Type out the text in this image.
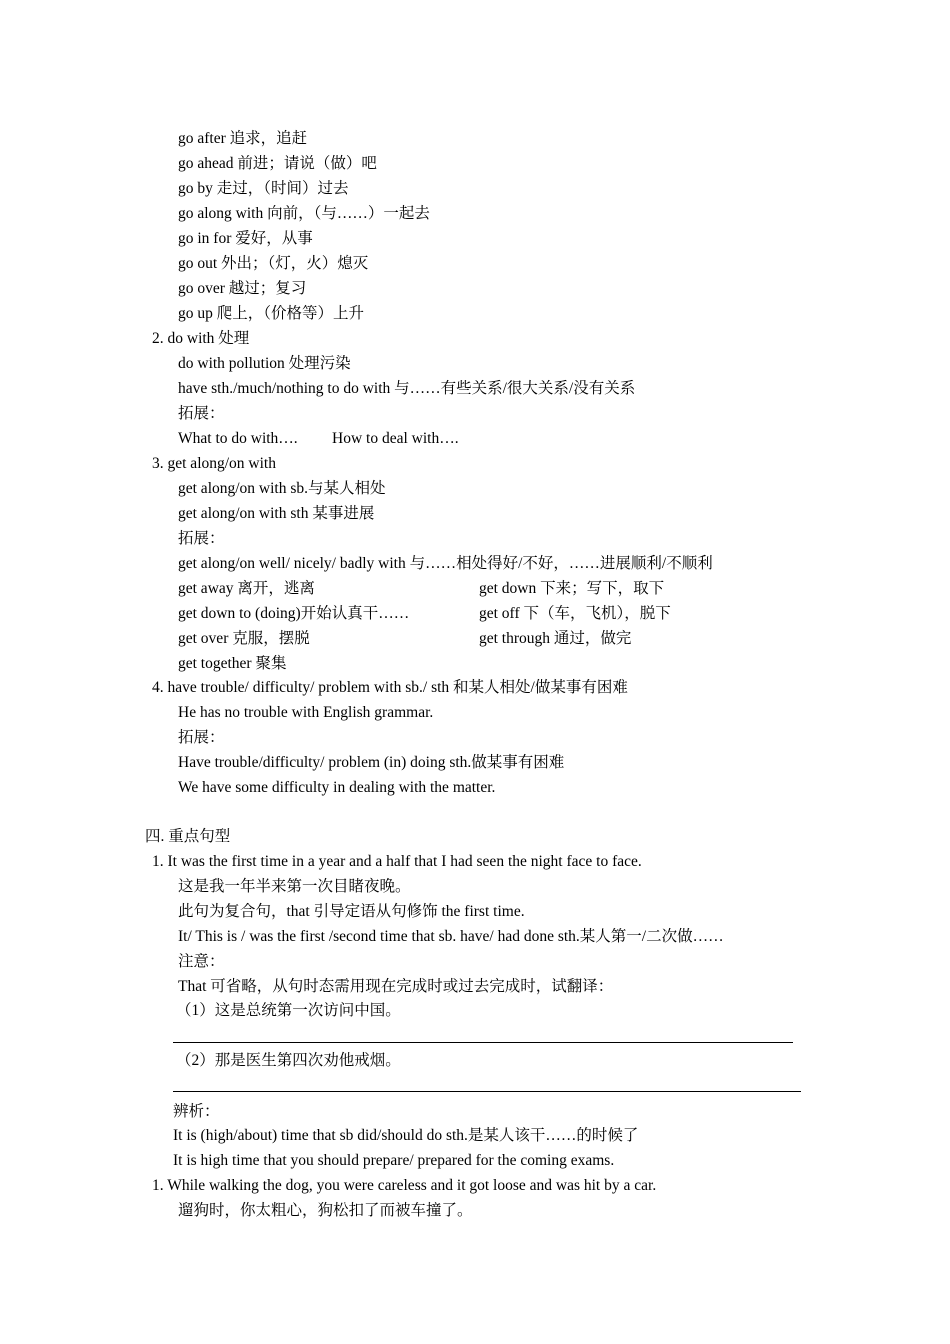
go after 追求，追赶
go ahead 前进；请说（做）吧
go by 走过，（时间）过去
go along with 向前，（与……）一起去
go in for 爱好，从事
go out 外出；（灯，火）熄灭
go over 越过；复习
go up 爬上，（价格等）上升
2. do with 处理
do with pollution 处理污染
have sth./much/nothing to do with 与……有些关系/很大关系/没有关系
拓展：
What to do with…. How to deal with….
3. get along/on with
get along/on with sb.与某人相处
get along/on with sth 某事进展
拓展：
get along/on well/ nicely/ badly with 与……相处得好/不好，……进展顺利/不顺利
get away 离开，逃离	get down 下来；写下，取下
get down to (doing)开始认真干……	get off 下（车，飞机），脱下
get over 克服，摆脱	get through 通过，做完
get together 聚集
4. have trouble/ difficulty/ problem with sb./ sth 和某人相处/做某事有困难
He has no trouble with English grammar.
拓展：
Have trouble/difficulty/ problem (in) doing sth.做某事有困难
We have some difficulty in dealing with the matter.
四. 重点句型
1. It was the first time in a year and a half that I had seen the night face to face.
这是我一年半来第一次目睹夜晚。
此句为复合句，that 引导定语从句修饰 the first time.
It/ This is / was the first /second time that sb. have/ had done sth.某人第一/二次做……
注意：
That 可省略，从句时态需用现在完成时或过去完成时，试翻译：
（1）这是总统第一次访问中国。
（2）那是医生第四次劝他戒烟。
辨析：
It is (high/about) time that sb did/should do sth.是某人该干……的时候了
It is high time that you should prepare/ prepared for the coming exams.
1. While walking the dog, you were careless and it got loose and was hit by a car.
遛狗时，你太粗心，狗松扣了而被车撞了。
